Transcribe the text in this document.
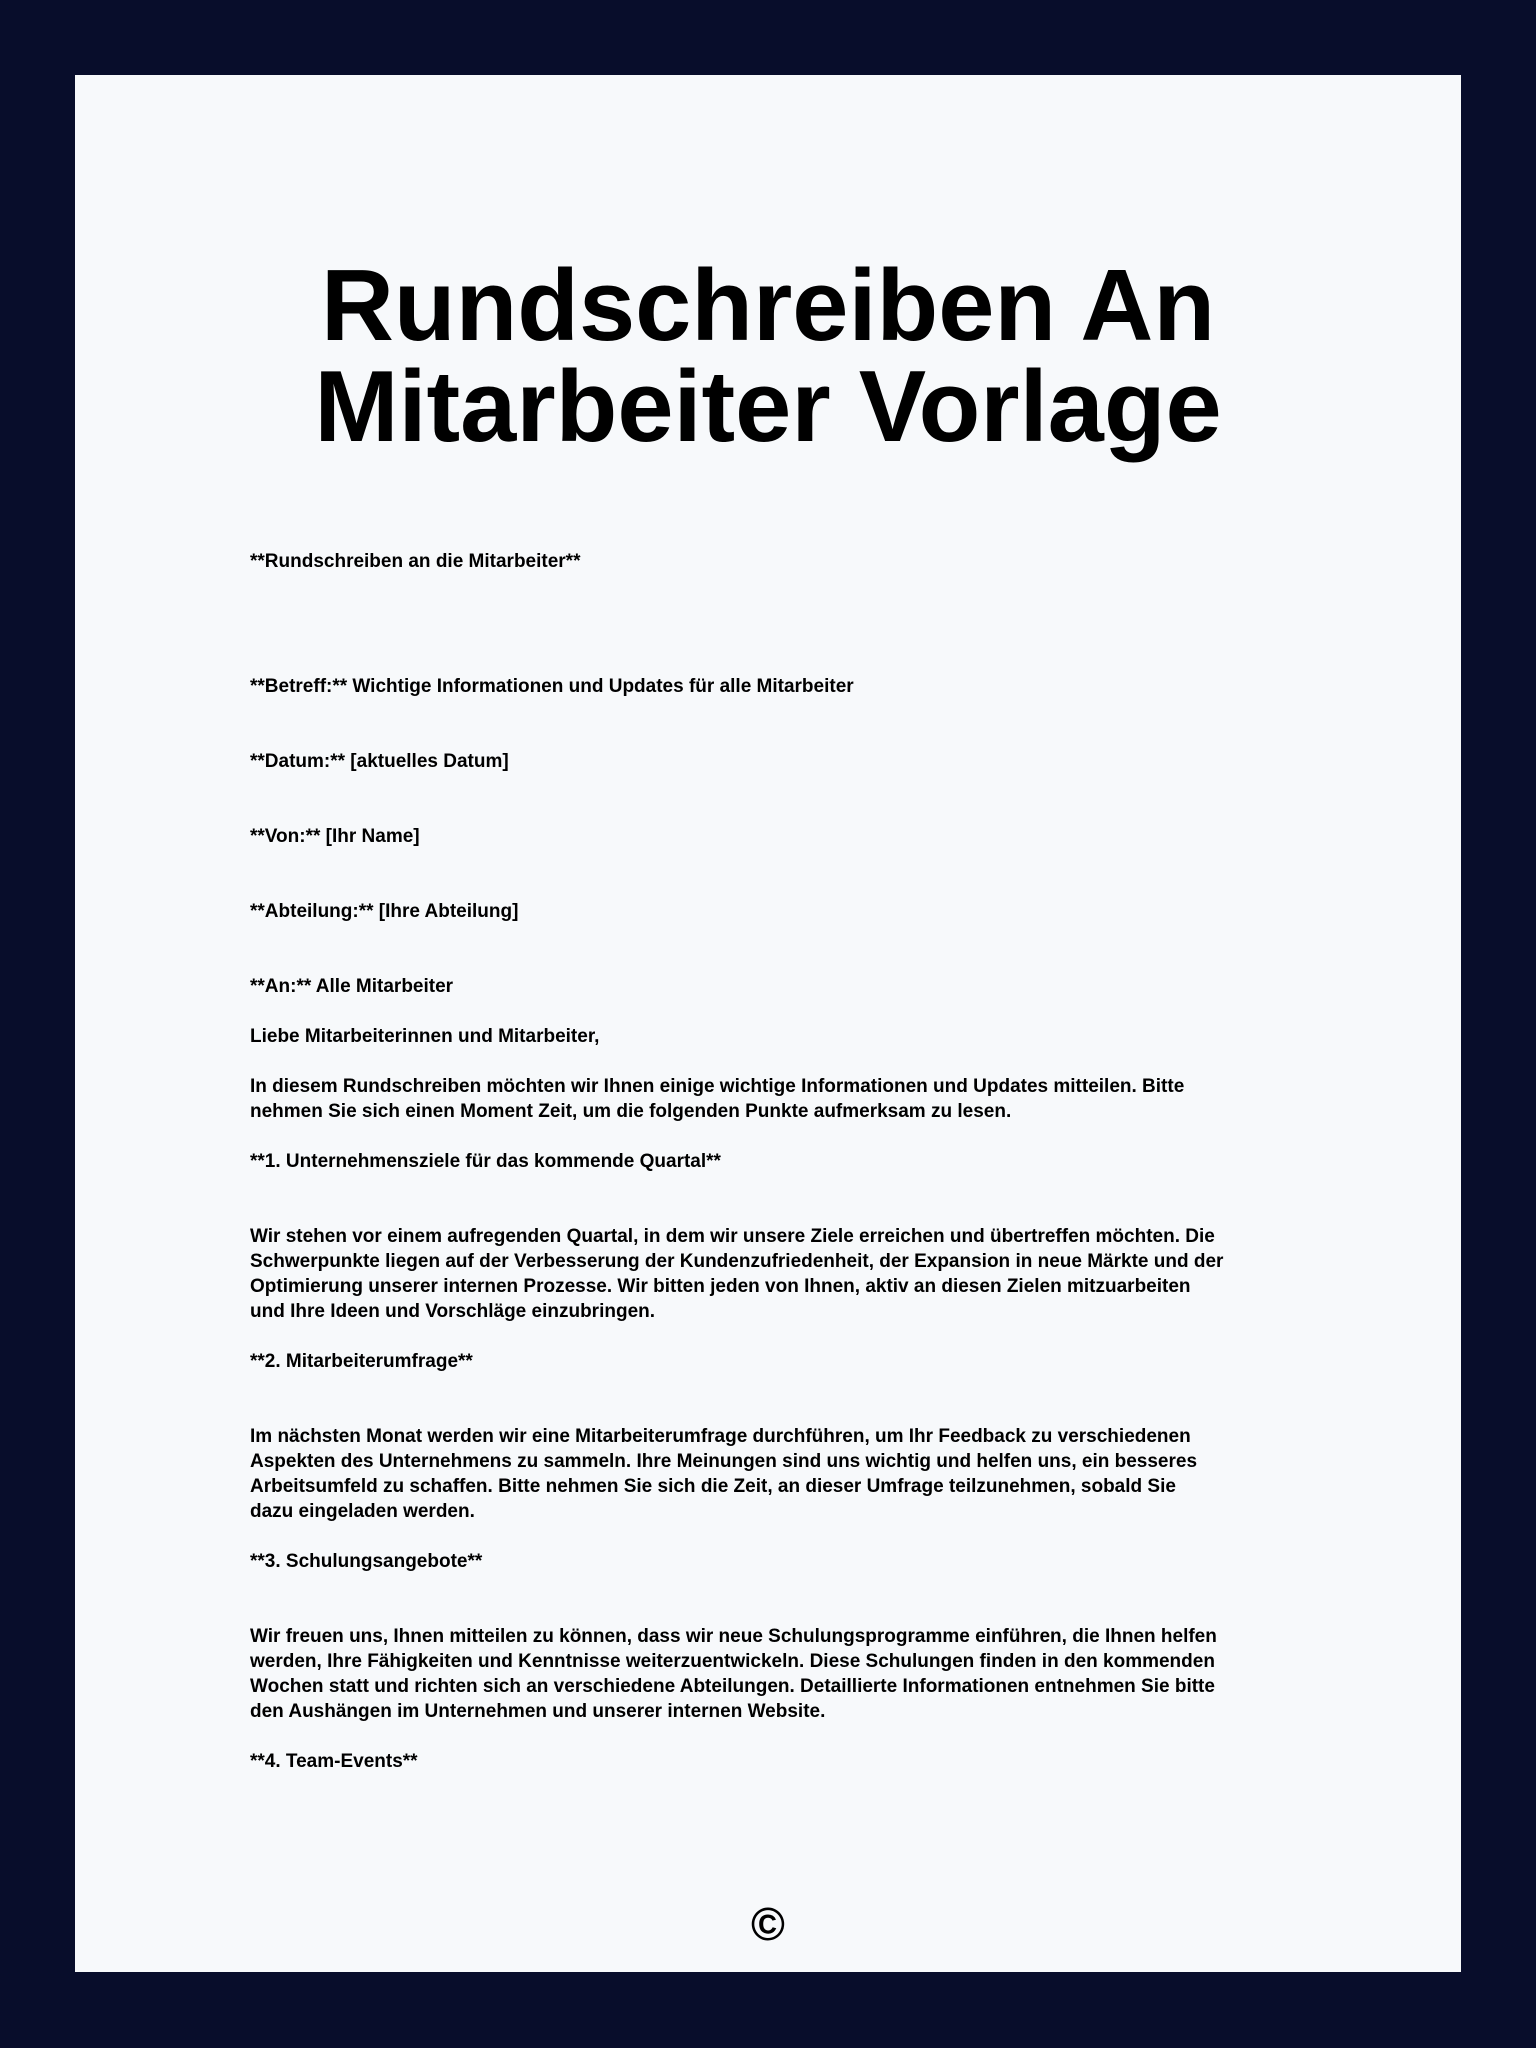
Rundschreiben An
Mitarbeiter Vorlage

**Rundschreiben an die Mitarbeiter**

**Betreff:** Wichtige Informationen und Updates für alle Mitarbeiter

**Datum:** [aktuelles Datum]

**Von:** [Ihr Name]

**Abteilung:** [Ihre Abteilung]

**An:** Alle Mitarbeiter

Liebe Mitarbeiterinnen und Mitarbeiter,

In diesem Rundschreiben möchten wir Ihnen einige wichtige Informationen und Updates mitteilen. Bitte
nehmen Sie sich einen Moment Zeit, um die folgenden Punkte aufmerksam zu lesen.

**1. Unternehmensziele für das kommende Quartal**

Wir stehen vor einem aufregenden Quartal, in dem wir unsere Ziele erreichen und übertreffen möchten. Die
Schwerpunkte liegen auf der Verbesserung der Kundenzufriedenheit, der Expansion in neue Märkte und der
Optimierung unserer internen Prozesse. Wir bitten jeden von Ihnen, aktiv an diesen Zielen mitzuarbeiten
und Ihre Ideen und Vorschläge einzubringen.

**2. Mitarbeiterumfrage**

Im nächsten Monat werden wir eine Mitarbeiterumfrage durchführen, um Ihr Feedback zu verschiedenen
Aspekten des Unternehmens zu sammeln. Ihre Meinungen sind uns wichtig und helfen uns, ein besseres
Arbeitsumfeld zu schaffen. Bitte nehmen Sie sich die Zeit, an dieser Umfrage teilzunehmen, sobald Sie
dazu eingeladen werden.

**3. Schulungsangebote**

Wir freuen uns, Ihnen mitteilen zu können, dass wir neue Schulungsprogramme einführen, die Ihnen helfen
werden, Ihre Fähigkeiten und Kenntnisse weiterzuentwickeln. Diese Schulungen finden in den kommenden
Wochen statt und richten sich an verschiedene Abteilungen. Detaillierte Informationen entnehmen Sie bitte
den Aushängen im Unternehmen und unserer internen Website.

**4. Team-Events**

©
